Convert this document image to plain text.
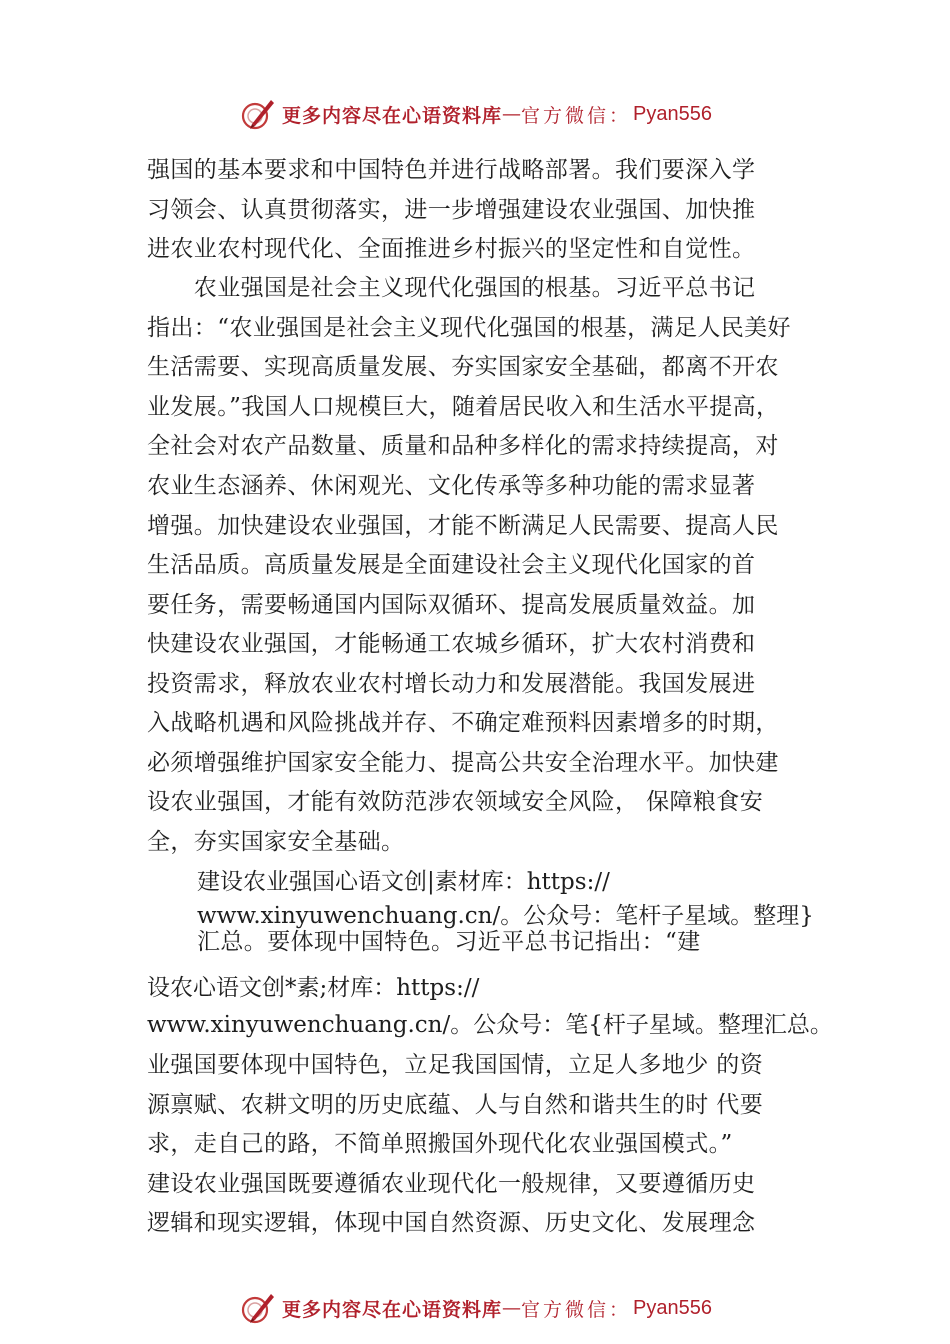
更多内容尽在心语资料库 — 官方微信： Pyan556

强国的基本要求和中国特色并进行战略部署。我们要深入学

习领会、认真贯彻落实，进一步增强建设农业强国、加快推

进农业农村现代化、全面推进乡村振兴的坚定性和自觉性。

　　农业强国是社会主义现代化强国的根基。习近平总书记

指出：“农业强国是社会主义现代化强国的根基，满足人民美好

生活需要、实现高质量发展、夯实国家安全基础，都离不开农

业发展。”我国人口规模巨大，随着居民收入和生活水平提高，

全社会对农产品数量、质量和品种多样化的需求持续提高，对

农业生态涵养、休闲观光、文化传承等多种功能的需求显著

增强。加快建设农业强国，才能不断满足人民需要、提高人民

生活品质。高质量发展是全面建设社会主义现代化国家的首

要任务，需要畅通国内国际双循环、提高发展质量效益。加

快建设农业强国，才能畅通工农城乡循环，扩大农村消费和

投资需求，释放农业农村增长动力和发展潜能。我国发展进

入战略机遇和风险挑战并存、不确定难预料因素增多的时期，

必须增强维护国家安全能力、提高公共安全治理水平。加快建

设农业强国，才能有效防范涉农领域安全风险， 保障粮食安

全，夯实国家安全基础。

建设农业强国心语文创|素材库：https://

www.xinyuwenchuang.cn/。公众号：笔杆子星域。整理}

汇总。要体现中国特色。习近平总书记指出：“建

设农心语文创*素;材库：https://

www.xinyuwenchuang.cn/。公众号：笔{杆子星域。整理汇总。

业强国要体现中国特色，立足我国国情，立足人多地少 的资

源禀赋、农耕文明的历史底蕴、人与自然和谐共生的时 代要

求，走自己的路，不简单照搬国外现代化农业强国模式。”

建设农业强国既要遵循农业现代化一般规律，又要遵循历史

逻辑和现实逻辑，体现中国自然资源、历史文化、发展理念

更多内容尽在心语资料库 — 官方微信： Pyan556
